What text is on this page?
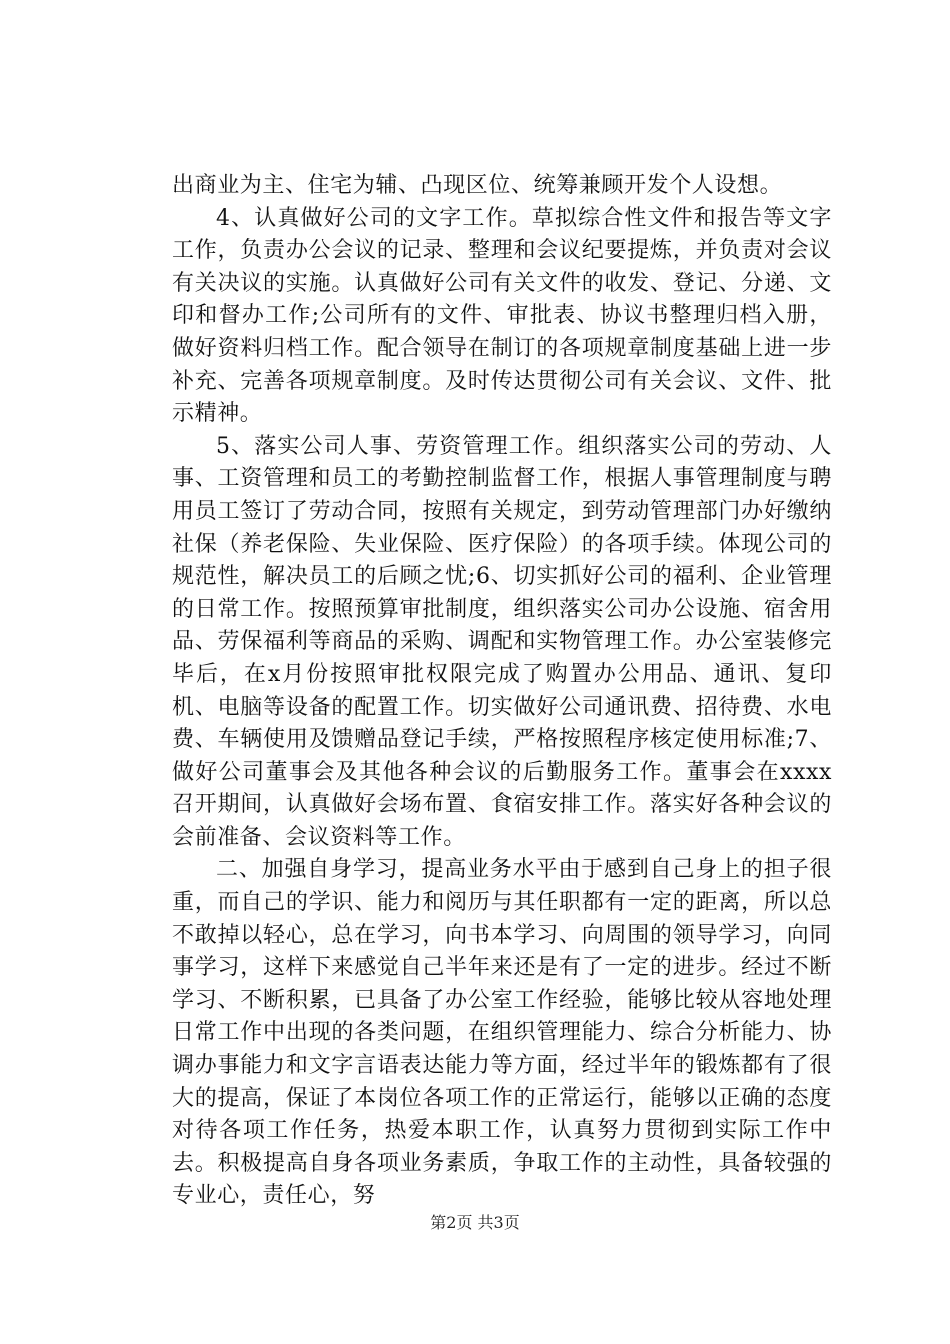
出商业为主、住宅为辅、凸现区位、统筹兼顾开发个人设想。

4、认真做好公司的文字工作。草拟综合性文件和报告等文字工作，负责办公会议的记录、整理和会议纪要提炼，并负责对会议有关决议的实施。认真做好公司有关文件的收发、登记、分递、文印和督办工作;公司所有的文件、审批表、协议书整理归档入册，做好资料归档工作。配合领导在制订的各项规章制度基础上进一步补充、完善各项规章制度。及时传达贯彻公司有关会议、文件、批示精神。

5、落实公司人事、劳资管理工作。组织落实公司的劳动、人事、工资管理和员工的考勤控制监督工作，根据人事管理制度与聘用员工签订了劳动合同，按照有关规定，到劳动管理部门办好缴纳社保（养老保险、失业保险、医疗保险）的各项手续。体现公司的规范性，解决员工的后顾之忧;6、切实抓好公司的福利、企业管理的日常工作。按照预算审批制度，组织落实公司办公设施、宿舍用品、劳保福利等商品的采购、调配和实物管理工作。办公室装修完毕后，在x月份按照审批权限完成了购置办公用品、通讯、复印机、电脑等设备的配置工作。切实做好公司通讯费、招待费、水电费、车辆使用及馈赠品登记手续，严格按照程序核定使用标准;7、做好公司董事会及其他各种会议的后勤服务工作。董事会在xxxx召开期间，认真做好会场布置、食宿安排工作。落实好各种会议的会前准备、会议资料等工作。

二、加强自身学习，提高业务水平由于感到自己身上的担子很重，而自己的学识、能力和阅历与其任职都有一定的距离，所以总不敢掉以轻心，总在学习，向书本学习、向周围的领导学习，向同事学习，这样下来感觉自己半年来还是有了一定的进步。经过不断学习、不断积累，已具备了办公室工作经验，能够比较从容地处理日常工作中出现的各类问题，在组织管理能力、综合分析能力、协调办事能力和文字言语表达能力等方面，经过半年的锻炼都有了很大的提高，保证了本岗位各项工作的正常运行，能够以正确的态度对待各项工作任务，热爱本职工作，认真努力贯彻到实际工作中去。积极提高自身各项业务素质，争取工作的主动性，具备较强的专业心，责任心，努

第2页 共3页
